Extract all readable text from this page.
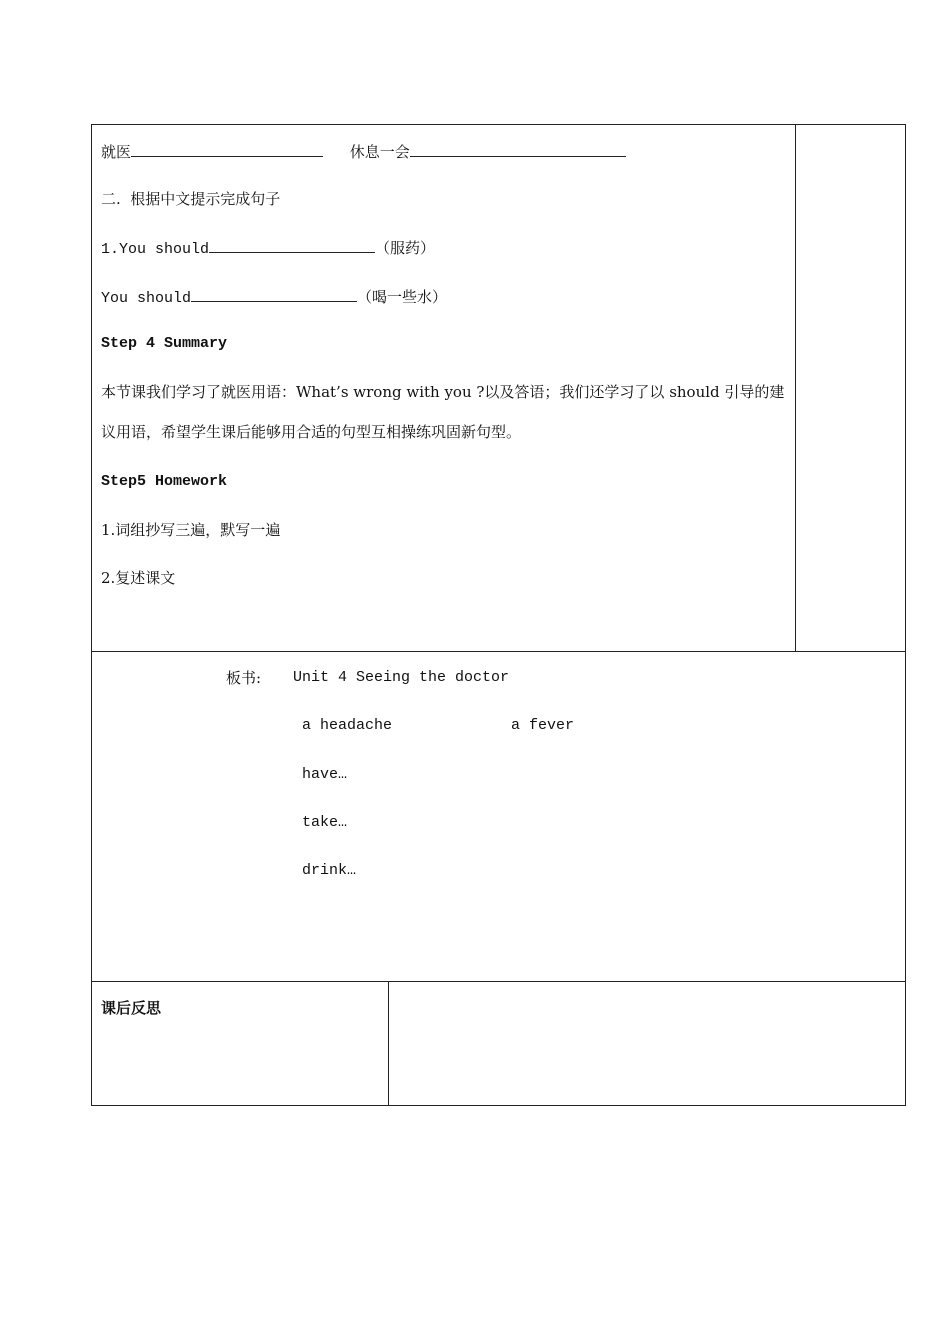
就医	休息一会
二.  根据中文提示完成句子
1.You should	（服药）
You should	（喝一些水）
Step 4 Summary
本节课我们学习了就医用语：What’s wrong with you ?以及答语；我们还学习了以 should 引导的建议用语，希望学生课后能够用合适的句型互相操练巩固新句型。
Step5 Homework
1.词组抄写三遍，默写一遍
2.复述课文
板书: Unit 4 Seeing the doctor
a headache	a fever
have…
take…
drink…
课后反思
